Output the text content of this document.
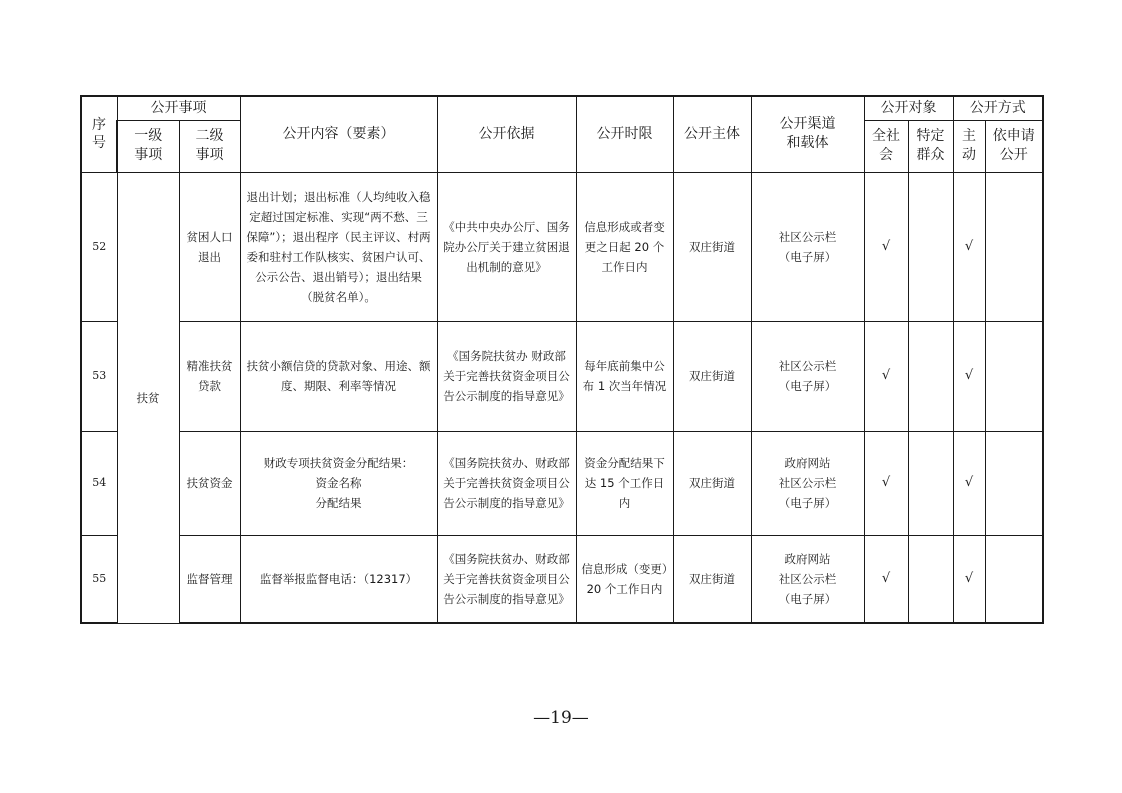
序号	公开事项		公开内容（要素）	公开依据	公开时限	公开主体	公开渠道和载体	公开对象		公开方式	
	一级事项	二级事项						全社会	特定群众	主动	依申请公开
52	扶贫	贫困人口退出	退出计划；退出标准（人均纯收入稳定超过国定标准、实现“两不愁、三保障”）；退出程序（民主评议、村两委和驻村工作队核实、贫困户认可、公示公告、退出销号）；退出结果（脱贫名单）。	《中共中央办公厅、国务院办公厅关于建立贫困退出机制的意见》	信息形成或者变更之日起 20 个工作日内	双庄街道	社区公示栏（电子屏）	√		√	
53		精准扶贫贷款	扶贫小额信贷的贷款对象、用途、额度、期限、利率等情况	《国务院扶贫办 财政部关于完善扶贫资金项目公告公示制度的指导意见》	每年底前集中公布 1 次当年情况	双庄街道	社区公示栏（电子屏）	√		√	
54		扶贫资金	财政专项扶贫资金分配结果：
资金名称
分配结果	《国务院扶贫办、财政部关于完善扶贫资金项目公告公示制度的指导意见》	资金分配结果下达 15 个工作日内	双庄街道	政府网站
社区公示栏
（电子屏）	√		√	
55		监督管理	监督举报监督电话：（12317）	《国务院扶贫办、财政部关于完善扶贫资金项目公告公示制度的指导意见》	信息形成（变更）20 个工作日内	双庄街道	政府网站
社区公示栏
（电子屏）	√		√	
—19—
